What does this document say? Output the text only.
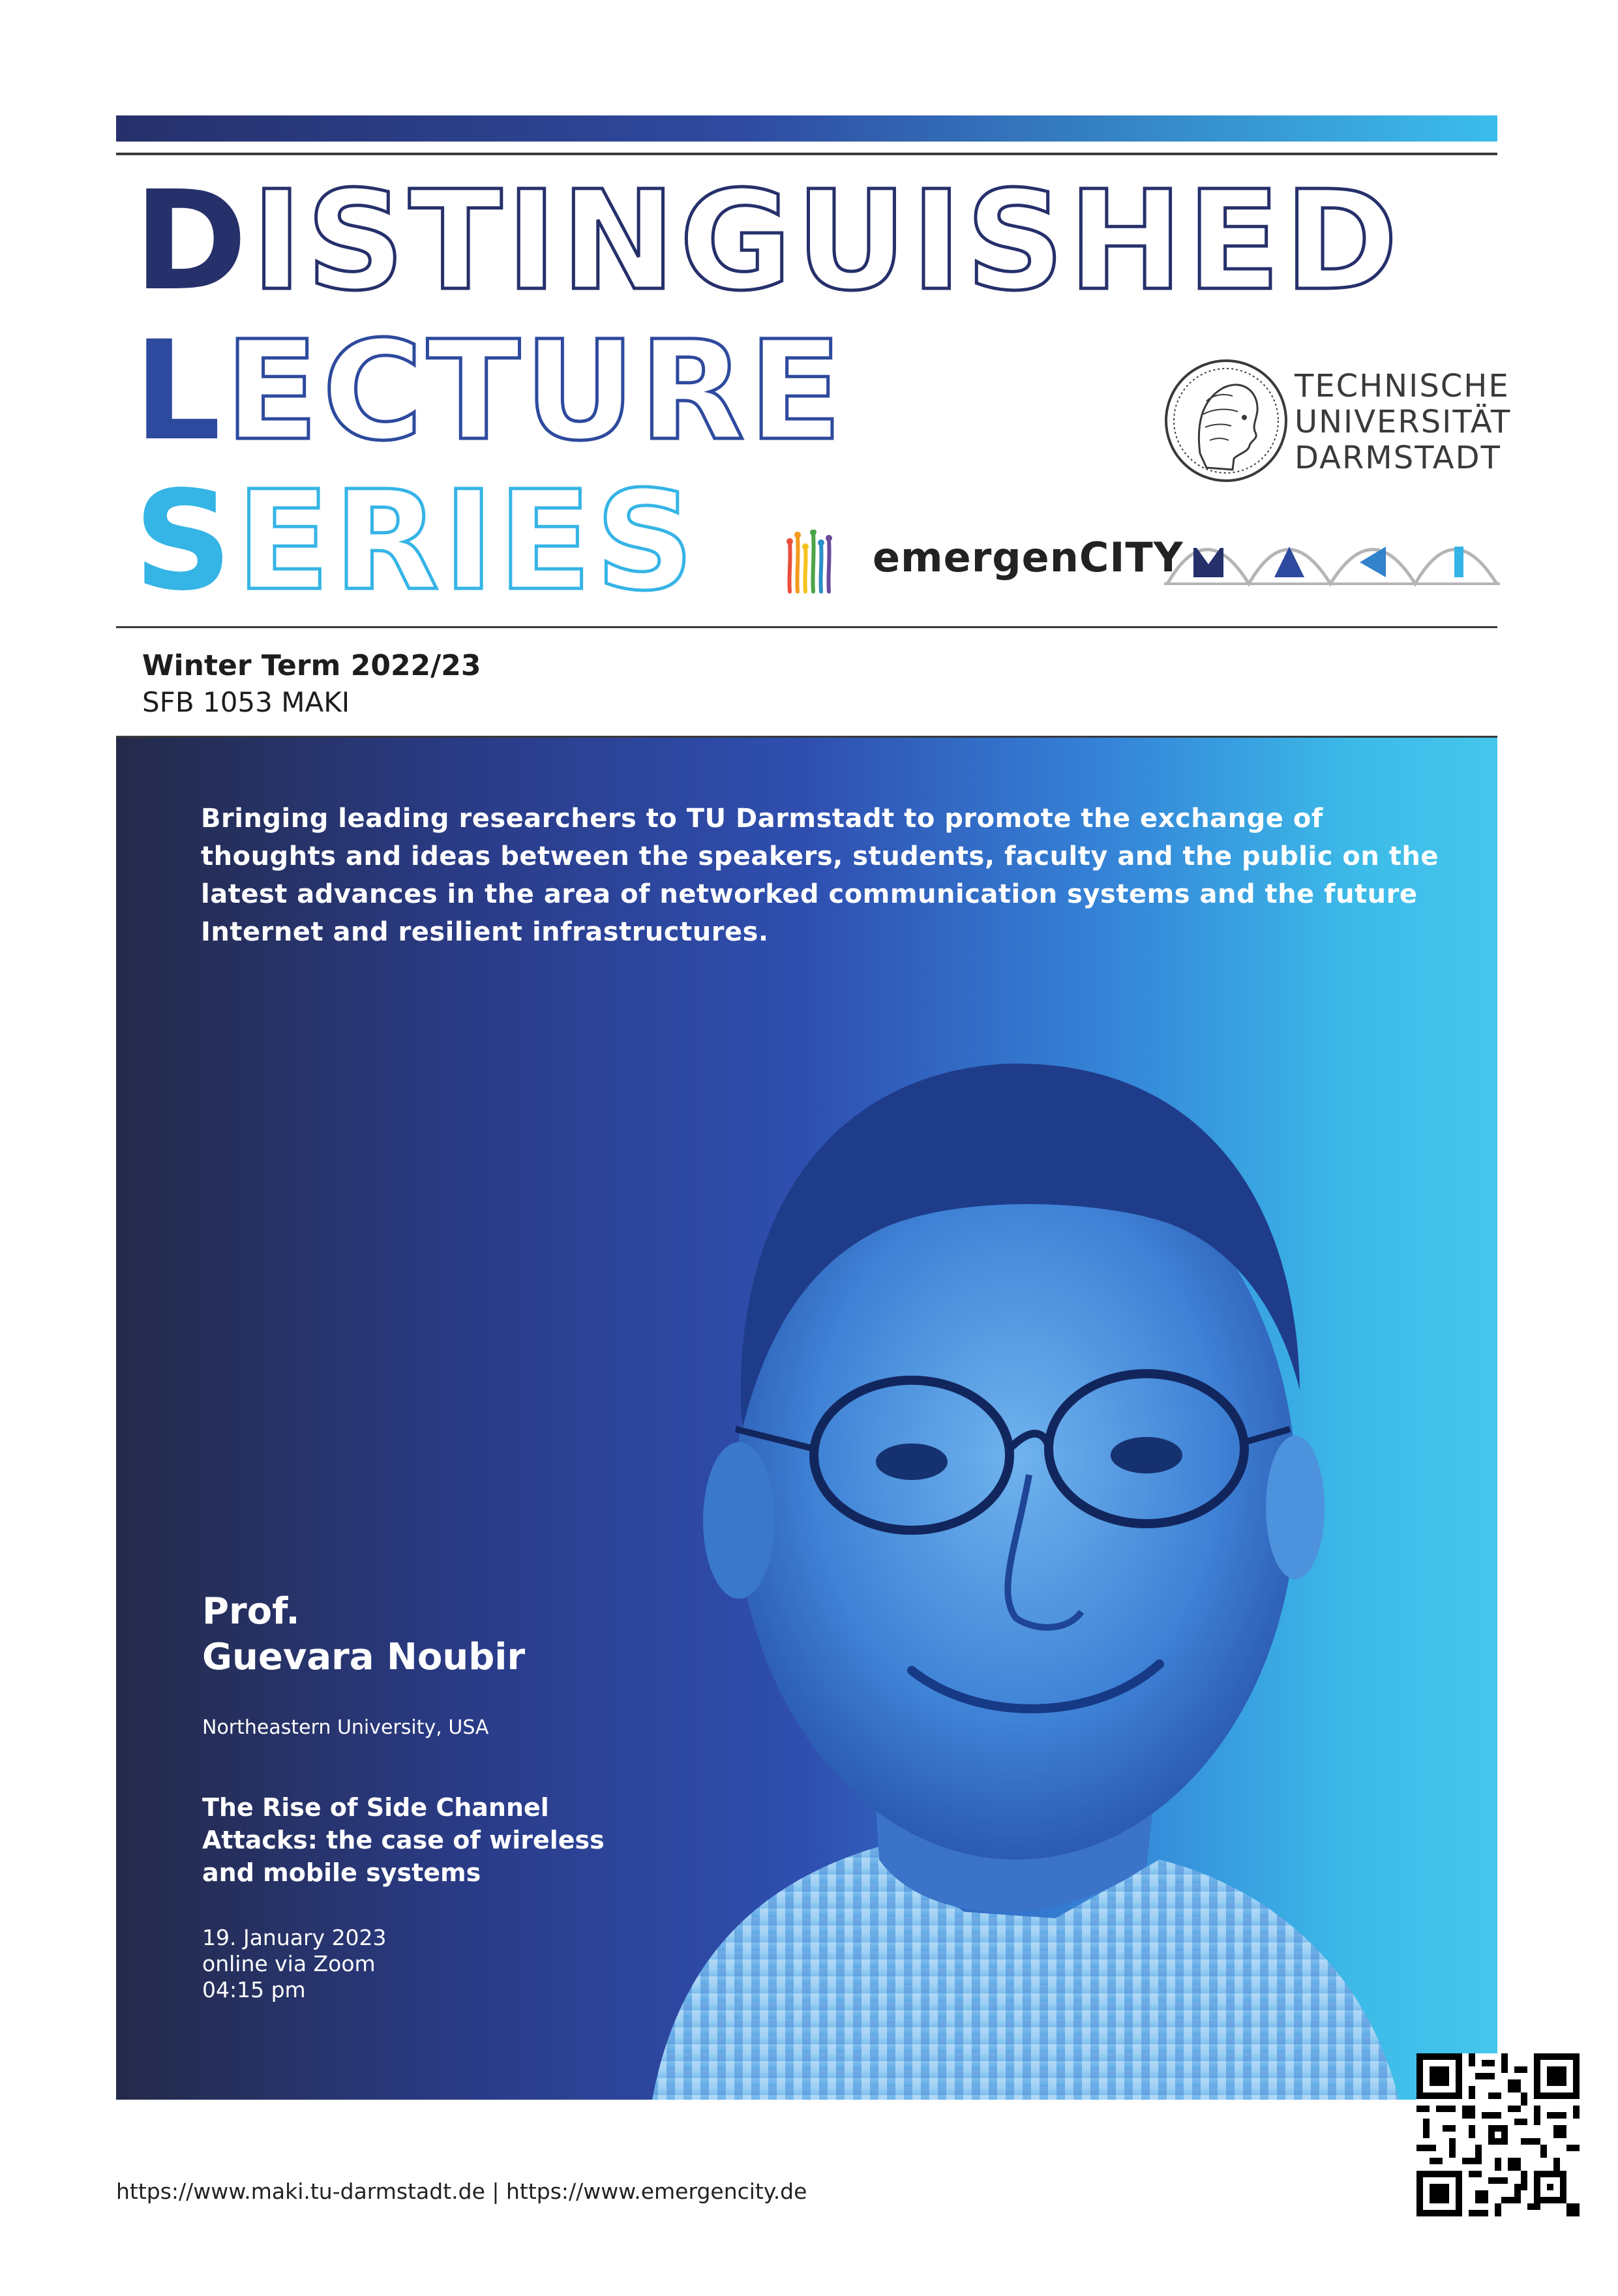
DISTINGUISHED
LECTURE
SERIES
TECHNISCHE
UNIVERSITÄT
DARMSTADT
emergenCITY
Winter Term 2022/23
SFB 1053 MAKI
Bringing leading researchers to TU Darmstadt to promote the exchange of thoughts and ideas between the speakers, students, faculty and the public on the latest advances in the area of networked communication systems and the future Internet and resilient infrastructures.
Prof.
Guevara Noubir
Northeastern University, USA
The Rise of Side Channel Attacks: the case of wireless and mobile systems
19. January 2023
online via Zoom
04:15 pm
https://www.maki.tu-darmstadt.de | https://www.emergencity.de
